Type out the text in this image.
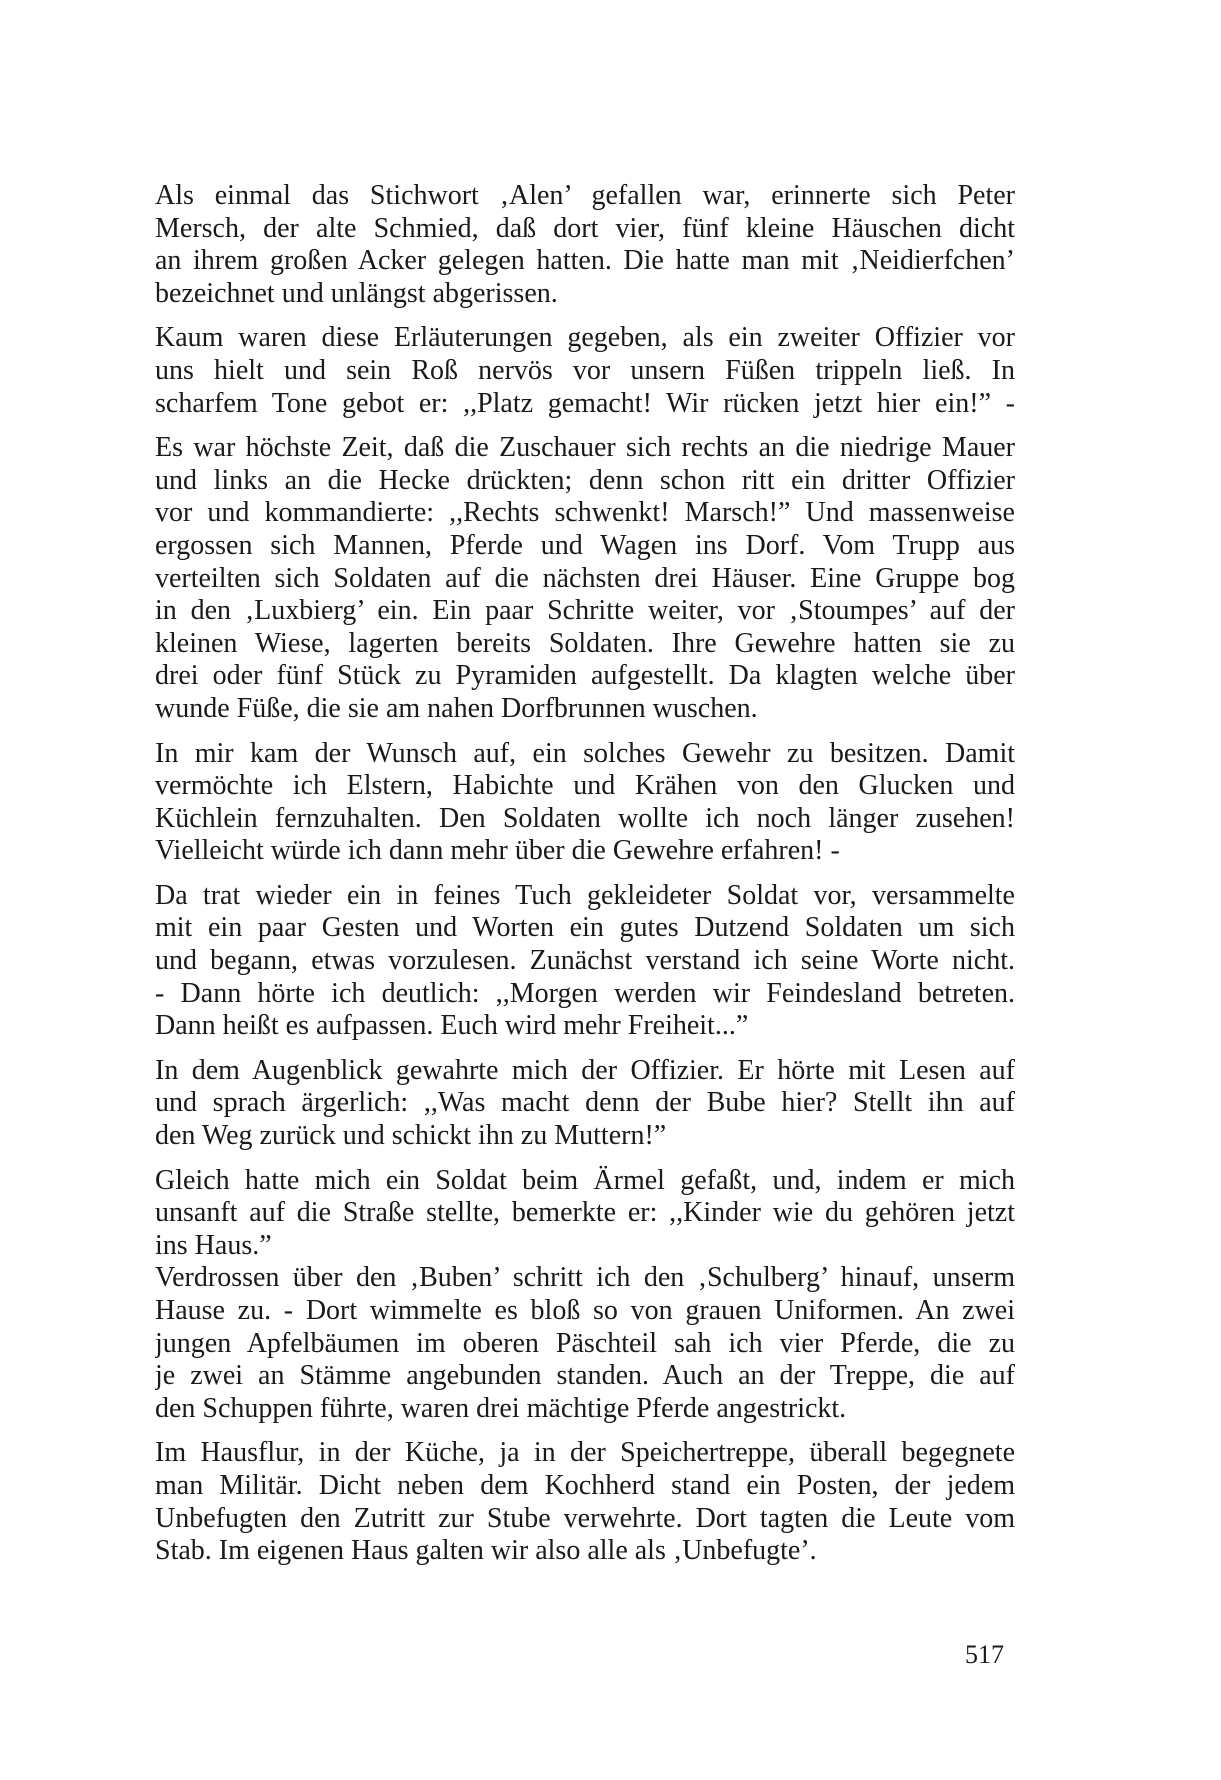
Als einmal das Stichwort ‚Alen’ gefallen war, erinnerte sich Peter
Mersch, der alte Schmied, daß dort vier, fünf kleine Häuschen dicht
an ihrem großen Acker gelegen hatten. Die hatte man mit ‚Neidierfchen’
bezeichnet und unlängst abgerissen.

Kaum waren diese Erläuterungen gegeben, als ein zweiter Offizier vor
uns hielt und sein Roß nervös vor unsern Füßen trippeln ließ. In
scharfem Tone gebot er: ,,Platz gemacht! Wir rücken jetzt hier ein!” -

Es war höchste Zeit, daß die Zuschauer sich rechts an die niedrige Mauer
und links an die Hecke drückten; denn schon ritt ein dritter Offizier
vor und kommandierte: ,,Rechts schwenkt! Marsch!” Und massenweise
ergossen sich Mannen, Pferde und Wagen ins Dorf. Vom Trupp aus
verteilten sich Soldaten auf die nächsten drei Häuser. Eine Gruppe bog
in den ‚Luxbierg’ ein. Ein paar Schritte weiter, vor ‚Stoumpes’ auf der
kleinen Wiese, lagerten bereits Soldaten. Ihre Gewehre hatten sie zu
drei oder fünf Stück zu Pyramiden aufgestellt. Da klagten welche über
wunde Füße, die sie am nahen Dorfbrunnen wuschen.

In mir kam der Wunsch auf, ein solches Gewehr zu besitzen. Damit
vermöchte ich Elstern, Habichte und Krähen von den Glucken und
Küchlein fernzuhalten. Den Soldaten wollte ich noch länger zusehen!
Vielleicht würde ich dann mehr über die Gewehre erfahren! -

Da trat wieder ein in feines Tuch gekleideter Soldat vor, versammelte
mit ein paar Gesten und Worten ein gutes Dutzend Soldaten um sich
und begann, etwas vorzulesen. Zunächst verstand ich seine Worte nicht.
- Dann hörte ich deutlich: ,,Morgen werden wir Feindesland betreten.
Dann heißt es aufpassen. Euch wird mehr Freiheit...”

In dem Augenblick gewahrte mich der Offizier. Er hörte mit Lesen auf
und sprach ärgerlich: ,,Was macht denn der Bube hier? Stellt ihn auf
den Weg zurück und schickt ihn zu Muttern!”

Gleich hatte mich ein Soldat beim Ärmel gefaßt, und, indem er mich
unsanft auf die Straße stellte, bemerkte er: ,,Kinder wie du gehören jetzt
ins Haus.”

Verdrossen über den ‚Buben’ schritt ich den ‚Schulberg’ hinauf, unserm
Hause zu. - Dort wimmelte es bloß so von grauen Uniformen. An zwei
jungen Apfelbäumen im oberen Päschteil sah ich vier Pferde, die zu
je zwei an Stämme angebunden standen. Auch an der Treppe, die auf
den Schuppen führte, waren drei mächtige Pferde angestrickt.

Im Hausflur, in der Küche, ja in der Speichertreppe, überall begegnete
man Militär. Dicht neben dem Kochherd stand ein Posten, der jedem
Unbefugten den Zutritt zur Stube verwehrte. Dort tagten die Leute vom
Stab. Im eigenen Haus galten wir also alle als ‚Unbefugte’.

517
